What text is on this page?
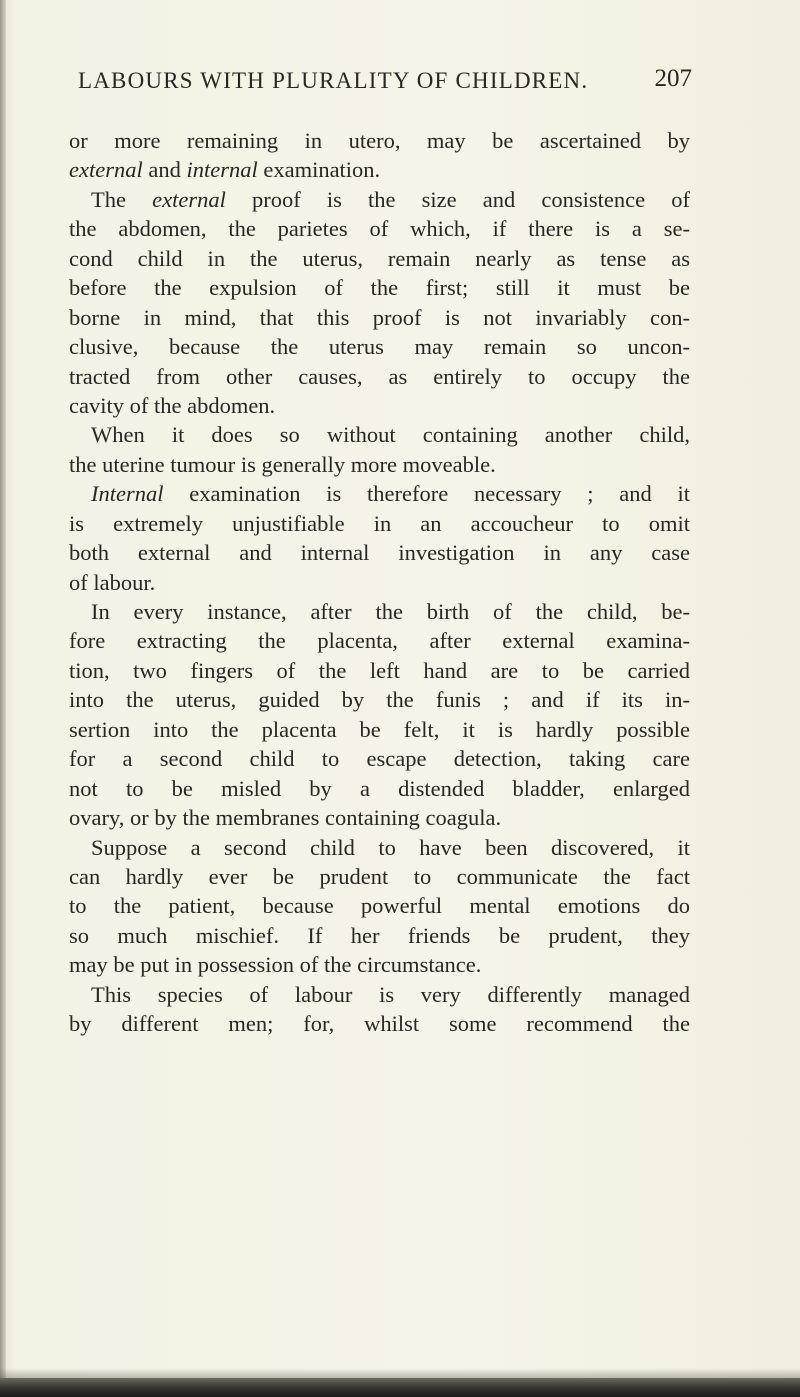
LABOURS WITH PLURALITY OF CHILDREN.	207
or more remaining in utero, may be ascertained by
external and internal examination.
The external proof is the size and consistence of
the abdomen, the parietes of which, if there is a se-
cond child in the uterus, remain nearly as tense as
before the expulsion of the first; still it must be
borne in mind, that this proof is not invariably con-
clusive, because the uterus may remain so uncon-
tracted from other causes, as entirely to occupy the
cavity of the abdomen.
When it does so without containing another child,
the uterine tumour is generally more moveable.
Internal examination is therefore necessary ; and it
is extremely unjustifiable in an accoucheur to omit
both external and internal investigation in any case
of labour.
In every instance, after the birth of the child, be-
fore extracting the placenta, after external examina-
tion, two fingers of the left hand are to be carried
into the uterus, guided by the funis ; and if its in-
sertion into the placenta be felt, it is hardly possible
for a second child to escape detection, taking care
not to be misled by a distended bladder, enlarged
ovary, or by the membranes containing coagula.
Suppose a second child to have been discovered, it
can hardly ever be prudent to communicate the fact
to the patient, because powerful mental emotions do
so much mischief. If her friends be prudent, they
may be put in possession of the circumstance.
This species of labour is very differently managed
by different men; for, whilst some recommend the
